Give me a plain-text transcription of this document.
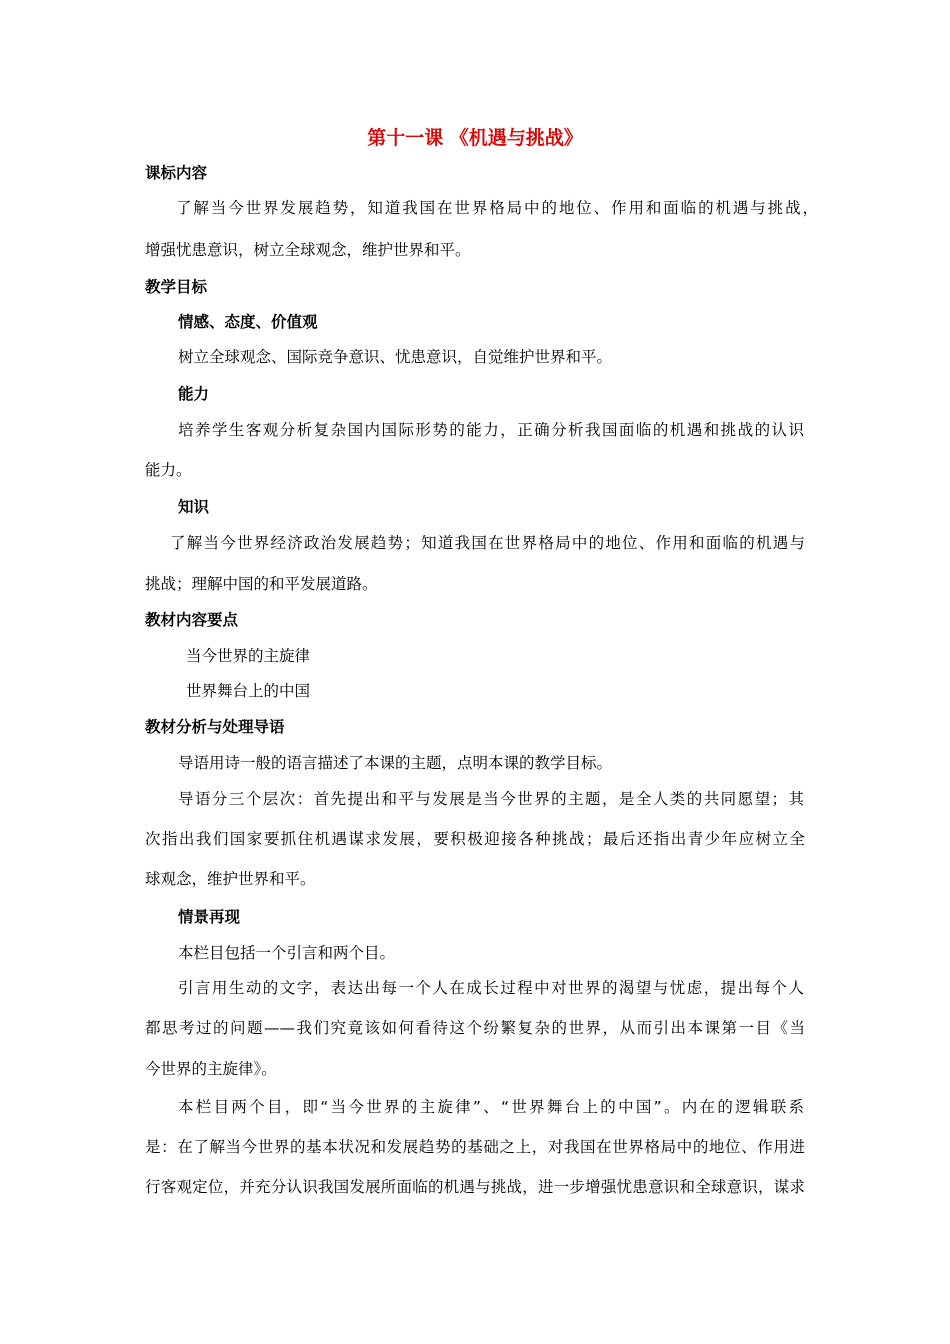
第十一课 《机遇与挑战》
课标内容
了解当今世界发展趋势，知道我国在世界格局中的地位、作用和面临的机遇与挑战，
增强忧患意识，树立全球观念，维护世界和平。
教学目标
情感、态度、价值观
树立全球观念、国际竞争意识、忧患意识，自觉维护世界和平。
能力
培养学生客观分析复杂国内国际形势的能力，正确分析我国面临的机遇和挑战的认识
能力。
知识
了解当今世界经济政治发展趋势；知道我国在世界格局中的地位、作用和面临的机遇与
挑战；理解中国的和平发展道路。
教材内容要点
当今世界的主旋律
世界舞台上的中国
教材分析与处理导语
导语用诗一般的语言描述了本课的主题，点明本课的教学目标。
导语分三个层次：首先提出和平与发展是当今世界的主题，是全人类的共同愿望；其
次指出我们国家要抓住机遇谋求发展，要积极迎接各种挑战；最后还指出青少年应树立全
球观念，维护世界和平。
情景再现
本栏目包括一个引言和两个目。
引言用生动的文字，表达出每一个人在成长过程中对世界的渴望与忧虑，提出每个人
都思考过的问题——我们究竟该如何看待这个纷繁复杂的世界，从而引出本课第一目《当
今世界的主旋律》。
本栏目两个目，即“当今世界的主旋律”、“世界舞台上的中国”。内在的逻辑联系
是：在了解当今世界的基本状况和发展趋势的基础之上，对我国在世界格局中的地位、作用进
行客观定位，并充分认识我国发展所面临的机遇与挑战，进一步增强忧患意识和全球意识，谋求
